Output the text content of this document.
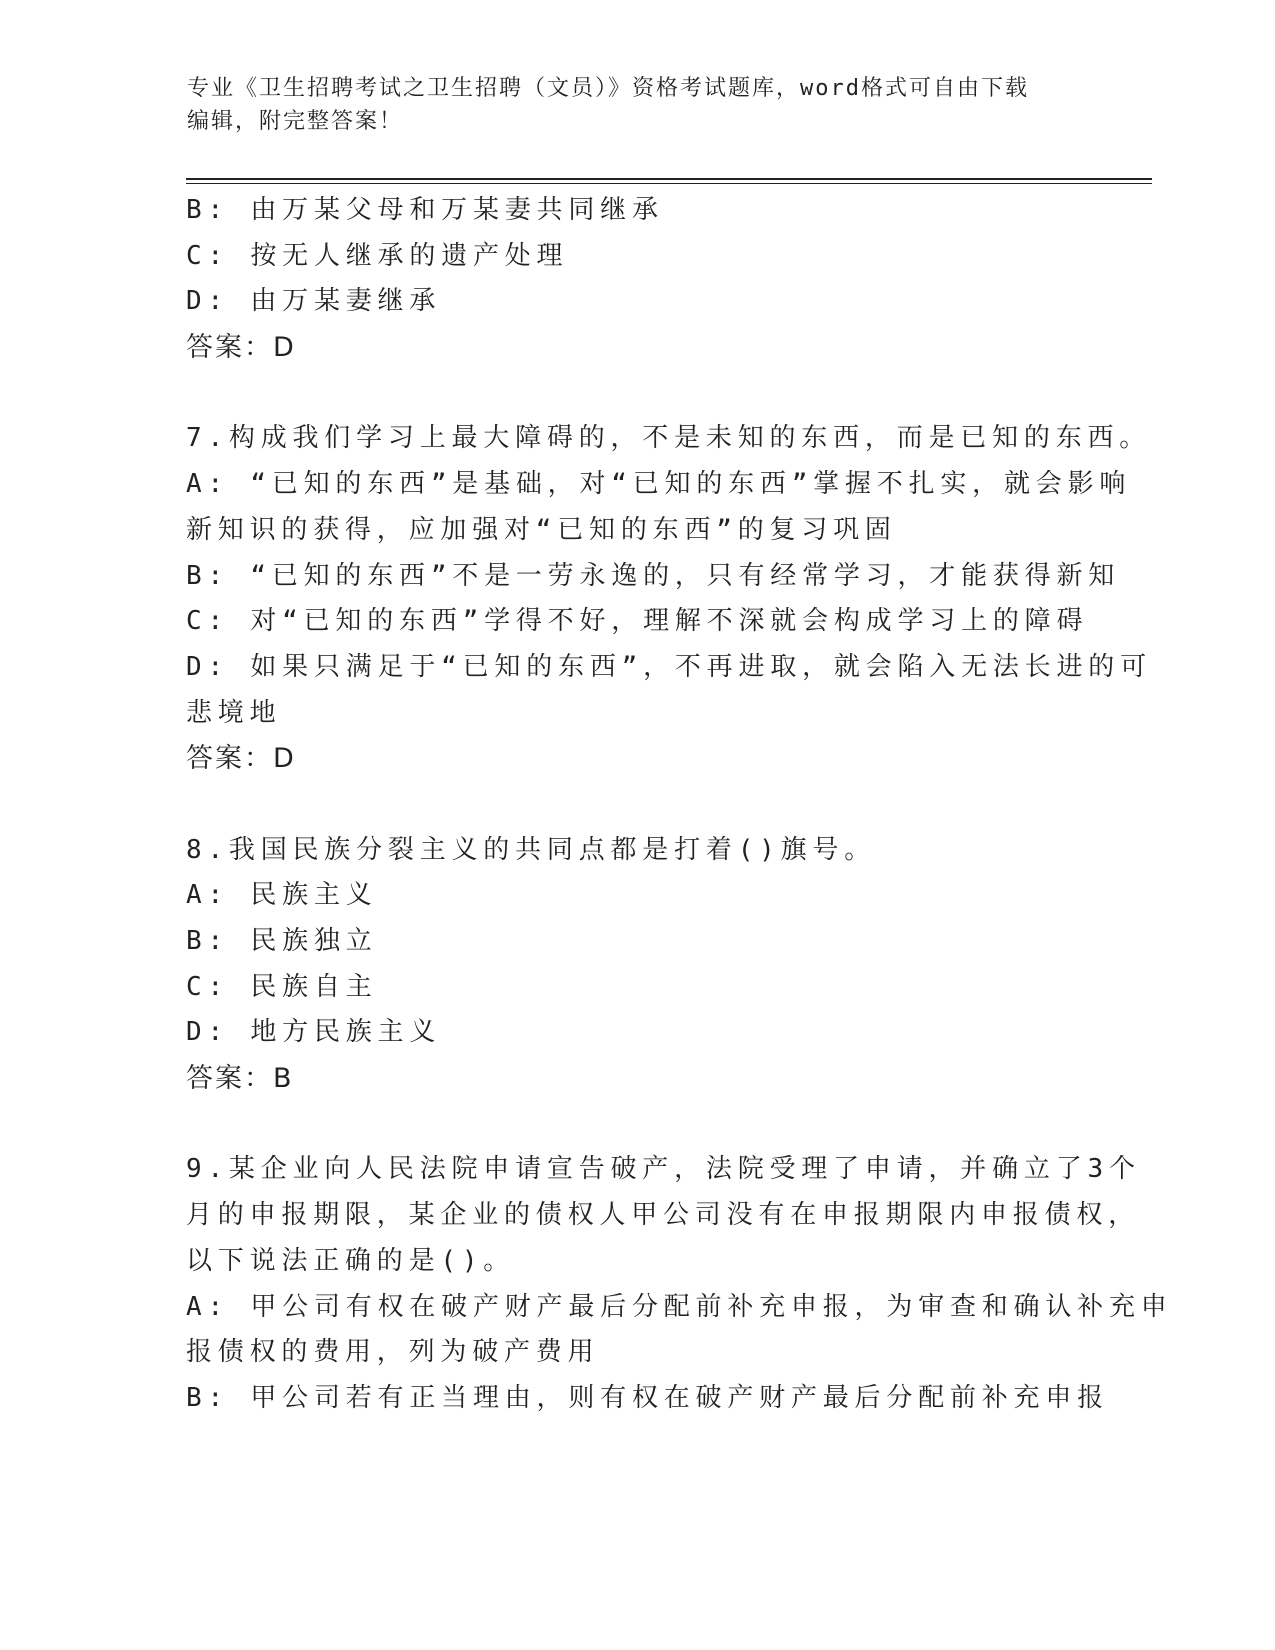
专业《卫生招聘考试之卫生招聘（文员）》资格考试题库，word格式可自由下载
编辑，附完整答案！
B: 由万某父母和万某妻共同继承
C: 按无人继承的遗产处理
D: 由万某妻继承
答案：D
7.构成我们学习上最大障碍的，不是未知的东西，而是已知的东西。
A: “已知的东西”是基础，对“已知的东西”掌握不扎实，就会影响
新知识的获得，应加强对“已知的东西”的复习巩固
B: “已知的东西”不是一劳永逸的，只有经常学习，才能获得新知
C: 对“已知的东西”学得不好，理解不深就会构成学习上的障碍
D: 如果只满足于“已知的东西”，不再进取，就会陷入无法长进的可
悲境地
答案：D
8.我国民族分裂主义的共同点都是打着()旗号。
A: 民族主义
B: 民族独立
C: 民族自主
D: 地方民族主义
答案：B
9.某企业向人民法院申请宣告破产，法院受理了申请，并确立了3个
月的申报期限，某企业的债权人甲公司没有在申报期限内申报债权，
以下说法正确的是()。
A: 甲公司有权在破产财产最后分配前补充申报，为审查和确认补充申
报债权的费用，列为破产费用
B: 甲公司若有正当理由，则有权在破产财产最后分配前补充申报
